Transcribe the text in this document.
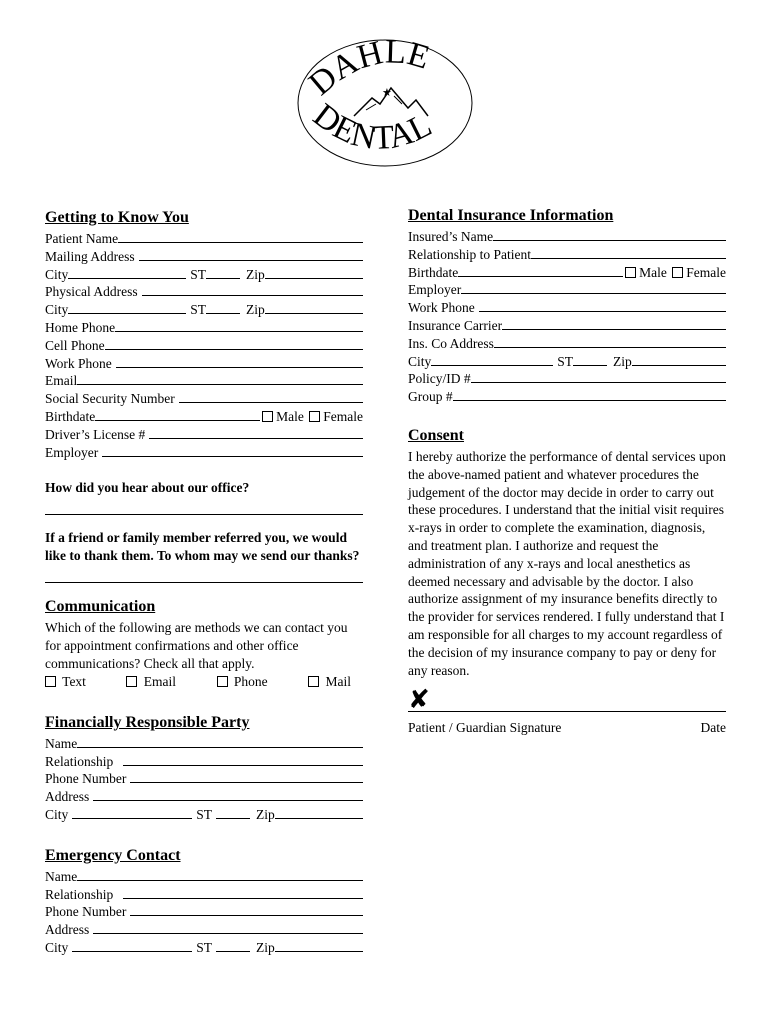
DAHLE
★
DENTAL
Getting to Know You
Patient Name
Mailing Address
City	ST	Zip
Physical Address
City	ST	Zip
Home Phone
Cell Phone
Work Phone
Email
Social Security Number
Birthdate	Male Female
Driver’s License #
Employer
How did you hear about our office?
If a friend or family member referred you, we would like to thank them. To whom may we send our thanks?
Communication
Which of the following are methods we can contact you for appointment confirmations and other office communications? Check all that apply.
Text	Email	Phone	Mail
Financially Responsible Party
Name
Relationship
Phone Number
Address
City	ST	Zip
Emergency Contact
Name
Relationship
Phone Number
Address
City	ST	Zip
Dental Insurance Information
Insured’s Name
Relationship to Patient
Birthdate	Male Female
Employer
Work Phone
Insurance Carrier
Ins. Co Address
City	ST	Zip
Policy/ID #
Group #
Consent
I hereby authorize the performance of dental services upon the above-named patient and whatever procedures the judgement of the doctor may decide in order to carry out these procedures. I understand that the initial visit requires x-rays in order to complete the examination, diagnosis, and treatment plan. I authorize and request the administration of any x-rays and local anesthetics as deemed necessary and advisable by the doctor. I also authorize assignment of my insurance benefits directly to the provider for services rendered. I fully understand that I am responsible for all charges to my account regardless of the decision of my insurance company to pay or deny for any reason.
✘
Patient / Guardian Signature	Date
